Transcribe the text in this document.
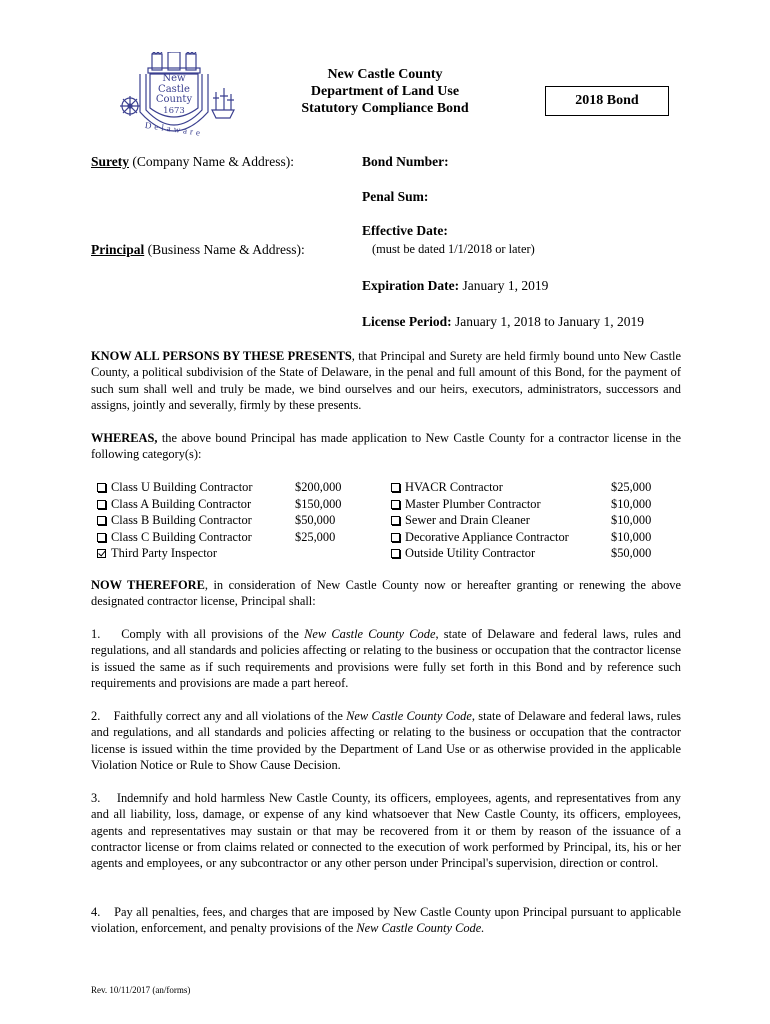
New
Castle
County
1673
Delaware
New Castle County
Department of Land Use
Statutory Compliance Bond
2018 Bond
Surety (Company Name & Address):
Principal (Business Name & Address):
Bond Number:
Penal Sum:
Effective Date:
(must be dated 1/1/2018 or later)
Expiration Date: January 1, 2019
License Period: January 1, 2018 to January 1, 2019
KNOW ALL PERSONS BY THESE PRESENTS, that Principal and Surety are held firmly bound unto New Castle County, a political subdivision of the State of Delaware, in the penal and full amount of this Bond, for the payment of such sum shall well and truly be made, we bind ourselves and our heirs, executors, administrators, successors and assigns, jointly and severally, firmly by these presents.
WHEREAS, the above bound Principal has made application to New Castle County for a contractor license in the following category(s):
Class U Building Contractor	$200,000
Class A Building Contractor	$150,000
Class B Building Contractor	$50,000
Class C Building Contractor	$25,000
Third Party Inspector
HVACR Contractor	$25,000
Master Plumber Contractor	$10,000
Sewer and Drain Cleaner	$10,000
Decorative Appliance Contractor	$10,000
Outside Utility Contractor	$50,000
NOW THEREFORE, in consideration of New Castle County now or hereafter granting or renewing the above designated contractor license, Principal shall:
1.    Comply with all provisions of the New Castle County Code, state of Delaware and federal laws, rules and regulations, and all standards and policies affecting or relating to the business or occupation that the contractor license is issued the same as if such requirements and provisions were fully set forth in this Bond and by reference such requirements and provisions are made a part hereof.
2.    Faithfully correct any and all violations of the New Castle County Code, state of Delaware and federal laws, rules and regulations, and all standards and policies affecting or relating to the business or occupation that the contractor license is issued within the time provided by the Department of Land Use or as otherwise provided in the applicable Violation Notice or Rule to Show Cause Decision.
3.    Indemnify and hold harmless New Castle County, its officers, employees, agents, and representatives from any and all liability, loss, damage, or expense of any kind whatsoever that New Castle County, its officers, employees, agents and representatives may sustain or that may be recovered from it or them by reason of the issuance of a contractor license or from claims related or connected to the execution of work performed by Principal, its, his or her agents and employees, or any subcontractor or any other person under Principal's supervision, direction or control.
4.    Pay all penalties, fees, and charges that are imposed by New Castle County upon Principal pursuant to applicable violation, enforcement, and penalty provisions of the New Castle County Code.
Rev. 10/11/2017 (an/forms)
